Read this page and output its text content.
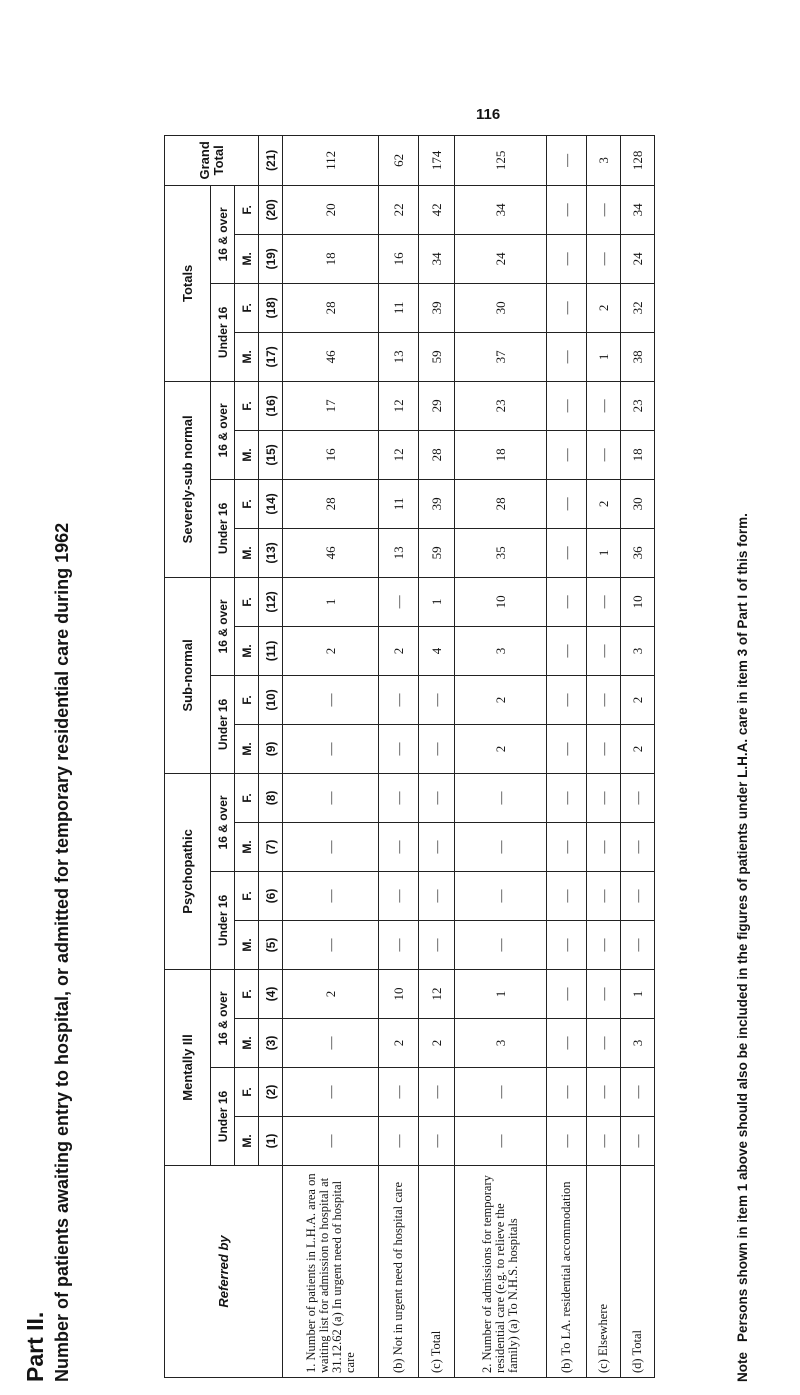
116
Part II. Number of patients awaiting entry to hospital, or admitted for temporary residential care during 1962	Referred by	Mentally Ill				Psychopathic				Sub-normal				Severely-sub normal				Totals				Grand Total
	Under 16		16 & over		Under 16		16 & over		Under 16		16 & over		Under 16		16 & over		Under 16		16 & over		
	M.	F.	M.	F.	M.	F.	M.	F.	M.	F.	M.	F.	M.	F.	M.	F.	M.	F.	M.	F.	
	(1)	(2)	(3)	(4)	(5)	(6)	(7)	(8)	(9)	(10)	(11)	(12)	(13)	(14)	(15)	(16)	(17)	(18)	(19)	(20)	(21)
1. Number of patients in L.H.A. area on waiting list for admission to hospital at 31.12.62 (a) In urgent need of hospital care	—	—	—	2	—	—	—	—	—	—	2	1	46	28	16	17	46	28	18	20	112
(b) Not in urgent need of hospital care	—	—	2	10	—	—	—	—	—	—	2	—	13	11	12	12	13	11	16	22	62
(c) Total	—	—	2	12	—	—	—	—	—	—	4	1	59	39	28	29	59	39	34	42	174
2. Number of admissions for temporary residential care (e.g. to relieve the family) (a) To N.H.S. hospitals	—	—	3	1	—	—	—	—	2	2	3	10	35	28	18	23	37	30	24	34	125
(b) To LA. residential accommodation	—	—	—	—	—	—	—	—	—	—	—	—	—	—	—	—	—	—	—	—	—
(c) Elsewhere	—	—	—	—	—	—	—	—	—	—	—	—	1	2	—	—	1	2	—	—	3
(d) Total	—	—	3	1	—	—	—	—	2	2	3	10	36	30	18	23	38	32	24	34	128
NotePersons shown in item 1 above should also be included in the figures of patients under L.H.A. care in item 3 of Part I of this form.
